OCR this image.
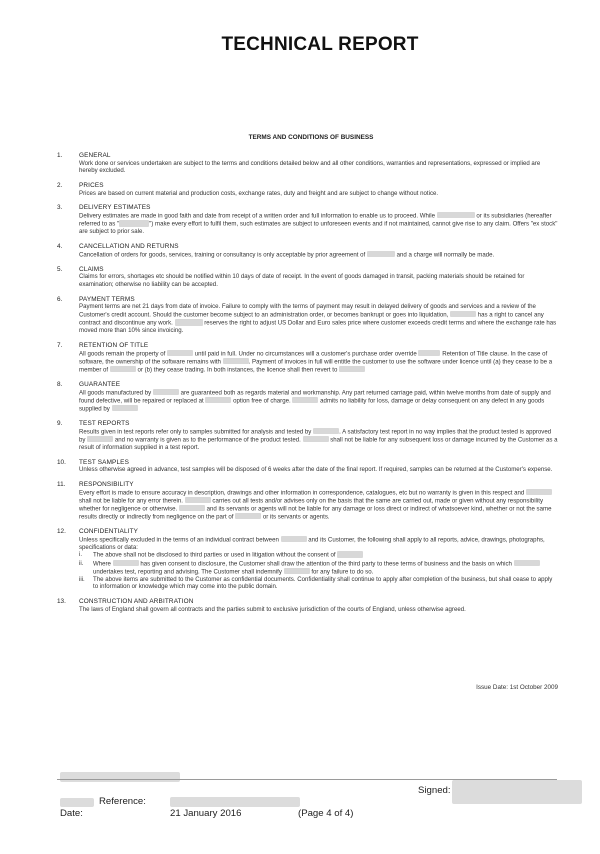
TECHNICAL REPORT
TERMS AND CONDITIONS OF BUSINESS
1.	GENERAL
Work done or services undertaken are subject to the terms and conditions detailed below and all other conditions, warranties and representations, expressed or implied are hereby excluded.
2.	PRICES
Prices are based on current material and production costs, exchange rates, duty and freight and are subject to change without notice.
3.	DELIVERY ESTIMATES
Delivery estimates are made in good faith and date from receipt of a written order and full information to enable us to proceed. While	or its subsidiaries (hereafter referred to as "	") make every effort to fulfil them, such estimates are subject to unforeseen events and if not maintained, cannot give rise to any claim. Offers "ex stock" are subject to prior sale.
4.	CANCELLATION AND RETURNS
Cancellation of orders for goods, services, training or consultancy is only acceptable by prior agreement of	and a charge will normally be made.
5.	CLAIMS
Claims for errors, shortages etc should be notified within 10 days of date of receipt. In the event of goods damaged in transit, packing materials should be retained for examination; otherwise no liability can be accepted.
6.	PAYMENT TERMS
Payment terms are net 21 days from date of invoice. Failure to comply with the terms of payment may result in delayed delivery of goods and services and a review of the Customer's credit account. Should the customer become subject to an administration order, or becomes bankrupt or goes into liquidation,	has a right to cancel any contract and discontinue any work.	reserves the right to adjust US Dollar and Euro sales price where customer exceeds credit terms and where the exchange rate has moved more than 10% since invoicing.
7.	RETENTION OF TITLE
All goods remain the property of	until paid in full. Under no circumstances will a customer's purchase order override	Retention of Title clause. In the case of software, the ownership of the software remains with	. Payment of invoices in full will entitle the customer to use the software under licence until (a) they cease to be a member of	or (b) they cease trading. In both instances, the licence shall then revert to
8.	GUARANTEE
All goods manufactured by	are guaranteed both as regards material and workmanship. Any part returned carriage paid, within twelve months from date of supply and found defective, will be repaired or replaced at	option free of charge.	admits no liability for loss, damage or delay consequent on any defect in any goods supplied by
9.	TEST REPORTS
Results given in test reports refer only to samples submitted for analysis and tested by	. A satisfactory test report in no way implies that the product tested is approved by	and no warranty is given as to the performance of the product tested.	shall not be liable for any subsequent loss or damage incurred by the Customer as a result of information supplied in a test report.
10.	TEST SAMPLES
Unless otherwise agreed in advance, test samples will be disposed of 6 weeks after the date of the final report. If required, samples can be returned at the Customer's expense.
11.	RESPONSIBILITY
Every effort is made to ensure accuracy in description, drawings and other information in correspondence, catalogues, etc but no warranty is given in this respect and  shall not be liable for any error therein.	carries out all tests and/or advises only on the basis that the same are carried out, made or given without any responsibility whether for negligence or otherwise.	and its servants or agents will not be liable for any damage or loss direct or indirect of whatsoever kind, whether or not the same results directly or indirectly from negligence on the part of	or its servants or agents.
12.	CONFIDENTIALITY
Unless specifically excluded in the terms of an individual contract between	and its Customer, the following shall apply to all reports, advice, drawings, photographs, specifications or data:
i.	The above shall not be disclosed to third parties or used in litigation without the consent of
ii.	Where	has given consent to disclosure, the Customer shall draw the attention of the third party to these terms of business and the basis on which  undertakes test, reporting and advising. The Customer shall indemnify	for any failure to do so.
iii.	The above items are submitted to the Customer as confidential documents. Confidentiality shall continue to apply after completion of the business, but shall cease to apply to information or knowledge which may come into the public domain.
13.	CONSTRUCTION AND ARBITRATION
The laws of England shall govern all contracts and the parties submit to exclusive jurisdiction of the courts of England, unless otherwise agreed.
Issue Date: 1st October 2009
Signed:
Reference:
Date:	21 January 2016	(Page 4 of 4)
